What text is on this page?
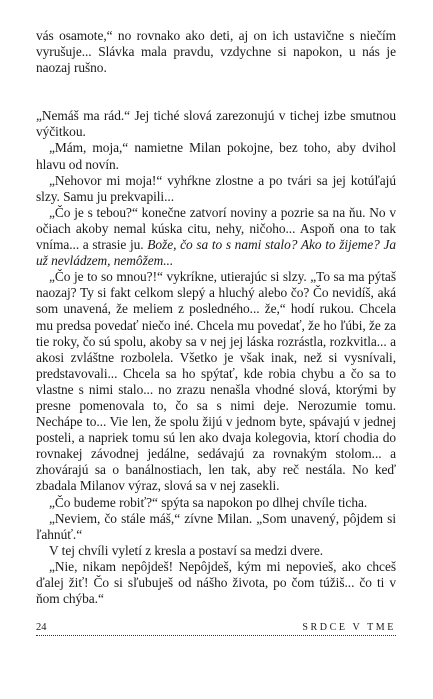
vás osamote,“ no rovnako ako deti, aj on ich ustavične s niečím vyrušuje... Slávka mala pravdu, vzdychne si napokon, u nás je naozaj rušno.

„Nemáš ma rád.“ Jej tiché slová zarezonujú v tichej izbe smutnou výčitkou.

„Mám, moja,“ namietne Milan pokojne, bez toho, aby dvihol hlavu od novín.

„Nehovor mi moja!“ vyhŕkne zlostne a po tvári sa jej kotúľajú slzy. Samu ju prekvapili...

„Čo je s tebou?“ konečne zatvorí noviny a pozrie sa na ňu. No v očiach akoby nemal kúska citu, nehy, ničoho... Aspoň ona to tak vníma... a strasie ju. Bože, čo sa to s nami stalo? Ako to žijeme? Ja už nevládzem, nemôžem...

„Čo je to so mnou?!“ vykríkne, utierajúc si slzy. „To sa ma pýtaš naozaj? Ty si fakt celkom slepý a hluchý alebo čo? Čo nevidíš, aká som unavená, že meliem z posledného... že,“ hodí rukou. Chcela mu predsa povedať niečo iné. Chcela mu povedať, že ho ľúbi, že za tie roky, čo sú spolu, akoby sa v nej jej láska rozrástla, rozkvitla... a akosi zvláštne rozbolela. Všetko je však inak, než si vysnívali, predstavovali... Chcela sa ho spýtať, kde robia chybu a čo sa to vlastne s nimi stalo... no zrazu nenašla vhodné slová, ktorými by presne pomenovala to, čo sa s nimi deje. Nerozumie tomu. Nechápe to... Vie len, že spolu žijú v jednom byte, spávajú v jednej posteli, a napriek tomu sú len ako dvaja kolegovia, ktorí chodia do rovnakej závodnej jedálne, sedávajú za rovnakým stolom... a zhovárajú sa o banálnostiach, len tak, aby reč nestála. No keď zbadala Milanov výraz, slová sa v nej zasekli.

„Čo budeme robiť?“ spýta sa napokon po dlhej chvíle ticha.

„Neviem, čo stále máš,“ zívne Milan. „Som unavený, pôjdem si ľahnúť.“

V tej chvíli vyletí z kresla a postaví sa medzi dvere.

„Nie, nikam nepôjdeš! Nepôjdeš, kým mi nepovieš, ako chceš ďalej žiť! Čo si sľubuješ od nášho života, po čom túžiš... čo ti v ňom chýba.“

24	SRDCE V TME
